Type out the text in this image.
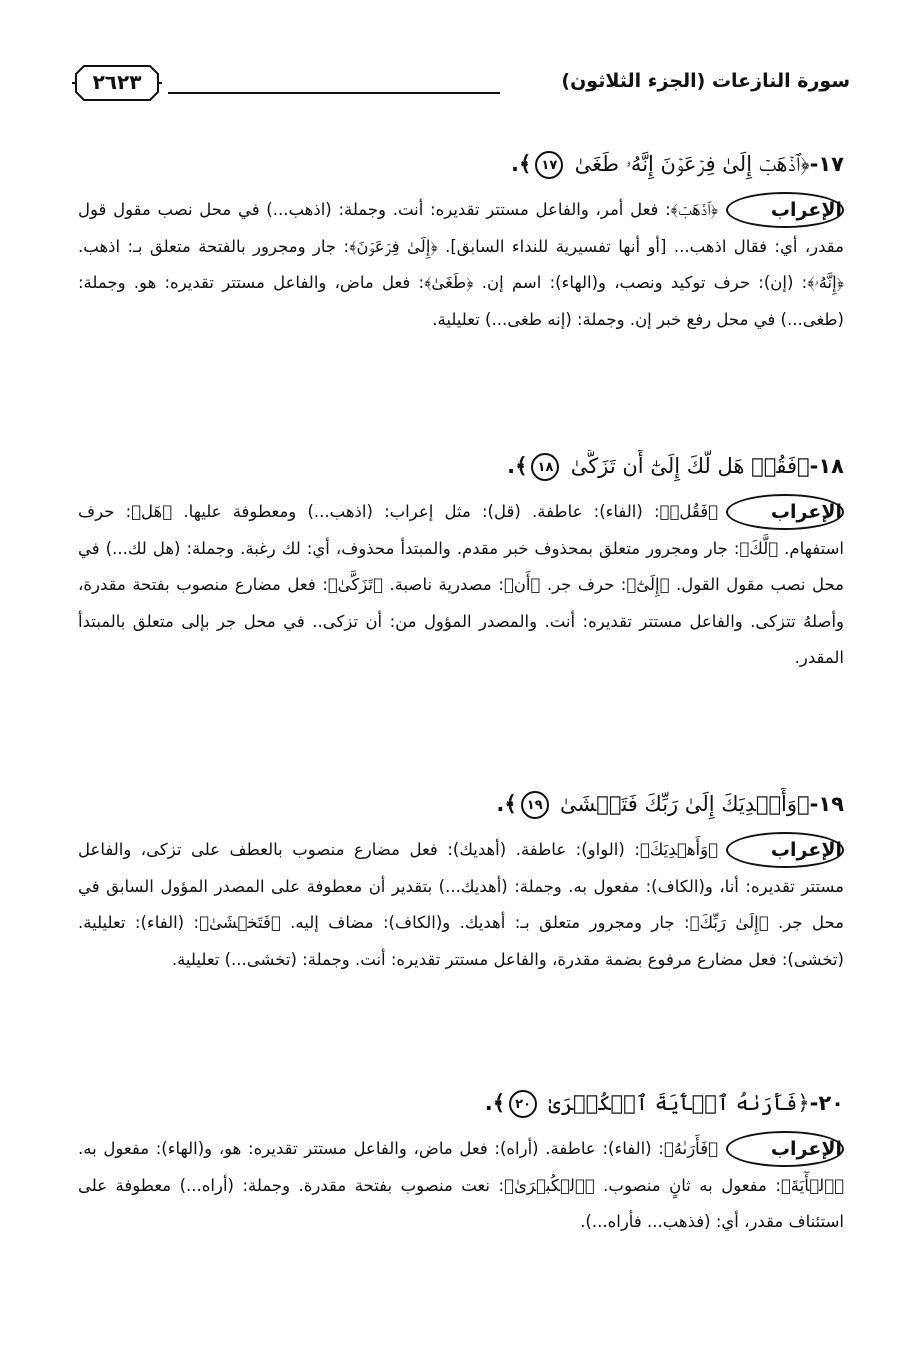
سورة النازعات (الجزء الثلاثون)
٢٦٢٣
١٧-﴿ٱذۡهَبۡ إِلَىٰ فِرۡعَوۡنَ إِنَّهُۥ طَغَىٰ ١٧﴾.
الإعراب
﴿ٱذۡهَبۡ﴾: فعل أمر، والفاعل مستتر تقديره: أنت. وجملة: (اذهب...) في محل نصب مقول قول مقدر، أي: فقال اذهب... [أو أنها تفسيرية للنداء السابق]. ﴿إِلَىٰ فِرۡعَوۡنَ﴾: جار ومجرور بالفتحة متعلق بـ: اذهب. ﴿إِنَّهُۥ﴾: (إن): حرف توكيد ونصب، و(الهاء): اسم إن. ﴿طَغَىٰ﴾: فعل ماض، والفاعل مستتر تقديره: هو. وجملة: (طغى...) في محل رفع خبر إن. وجملة: (إنه طغى...) تعليلية.
١٨-﴿فَقُلۡ هَل لَّكَ إِلَىٰٓ أَن تَزَكَّىٰ ١٨﴾.
الإعراب
﴿فَقُلۡ﴾: (الفاء): عاطفة. (قل): مثل إعراب: (اذهب...) ومعطوفة عليها. ﴿هَل﴾: حرف استفهام. ﴿لَّكَ﴾: جار ومجرور متعلق بمحذوف خبر مقدم. والمبتدأ محذوف، أي: لك رغبة. وجملة: (هل لك...) في محل نصب مقول القول. ﴿إِلَىٰٓ﴾: حرف جر. ﴿أَن﴾: مصدرية ناصبة. ﴿تَزَكَّىٰ﴾: فعل مضارع منصوب بفتحة مقدرة، وأصلهُ تتزكى. والفاعل مستتر تقديره: أنت. والمصدر المؤول من: أن تزكى.. في محل جر بإلى متعلق بالمبتدأ المقدر.
١٩-﴿وَأَهۡدِيَكَ إِلَىٰ رَبِّكَ فَتَخۡشَىٰ ١٩﴾.
الإعراب
﴿وَأَهۡدِيَكَ﴾: (الواو): عاطفة. (أهديك): فعل مضارع منصوب بالعطف على تزكى، والفاعل مستتر تقديره: أنا، و(الكاف): مفعول به. وجملة: (أهديك...) بتقدير أن معطوفة على المصدر المؤول السابق في محل جر. ﴿إِلَىٰ رَبِّكَ﴾: جار ومجرور متعلق بـ: أهديك. و(الكاف): مضاف إليه. ﴿فَتَخۡشَىٰ﴾: (الفاء): تعليلية. (تخشى): فعل مضارع مرفوع بضمة مقدرة، والفاعل مستتر تقديره: أنت. وجملة: (تخشى...) تعليلية.
٢٠-﴿فَأَرَىٰهُ ٱلۡأٓيَةَ ٱلۡكُبۡرَىٰ ٢٠﴾.
الإعراب
﴿فَأَرَىٰهُ﴾: (الفاء): عاطفة. (أراه): فعل ماض، والفاعل مستتر تقديره: هو، و(الهاء): مفعول به. ﴿ٱلۡأٓيَةَ﴾: مفعول به ثانٍ منصوب. ﴿ٱلۡكُبۡرَىٰ﴾: نعت منصوب بفتحة مقدرة. وجملة: (أراه...) معطوفة على استئناف مقدر، أي: (فذهب... فأراه...).
